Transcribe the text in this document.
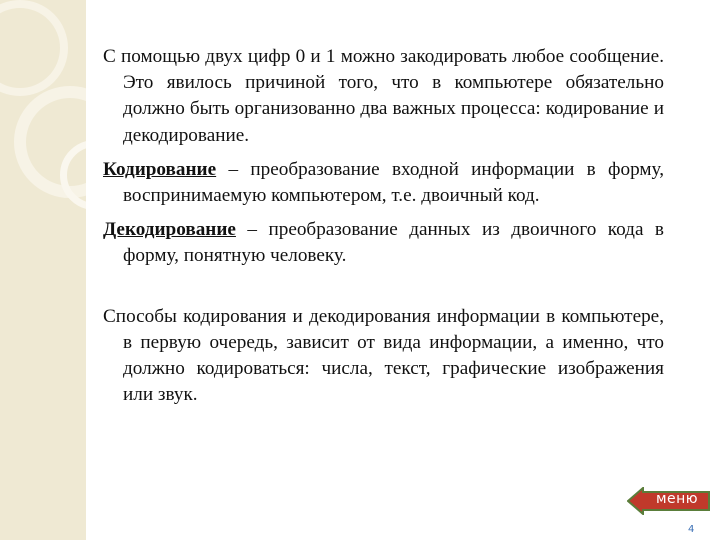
С помощью двух цифр 0 и 1 можно закодировать любое сообщение. Это явилось причиной того, что в компьютере обязательно должно быть организованно два важных процесса: кодирование и декодирование.

Кодирование – преобразование входной информации в форму, воспринимаемую компьютером, т.е. двоичный код.

Декодирование – преобразование данных из двоичного кода в форму, понятную человеку.

Способы кодирования и декодирования информации в компьютере, в первую очередь, зависит от вида информации, а именно, что должно кодироваться: числа, текст, графические изображения или звук.

меню
4
